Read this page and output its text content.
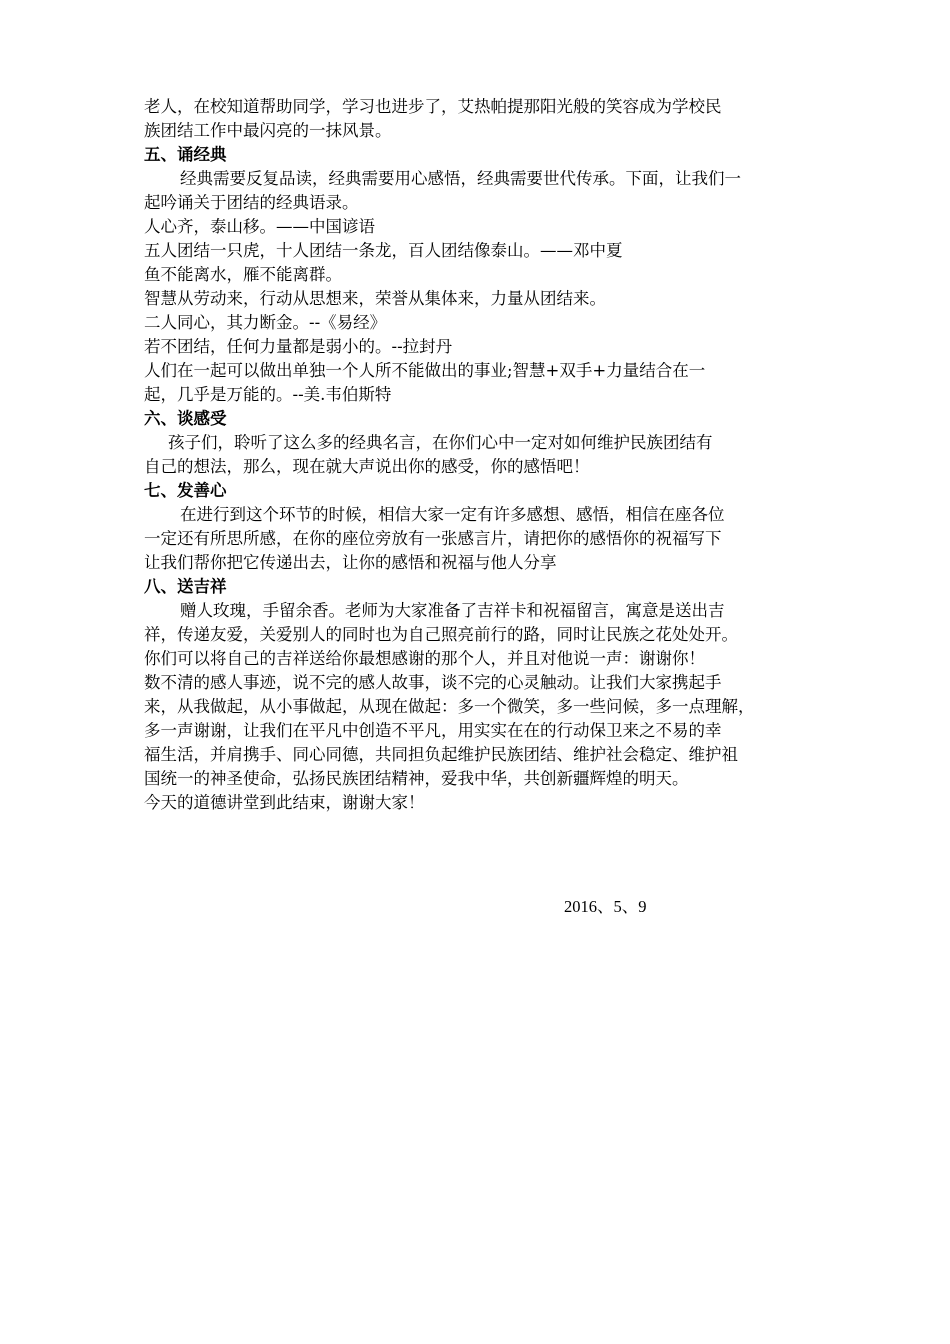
老人，在校知道帮助同学，学习也进步了，艾热帕提那阳光般的笑容成为学校民
族团结工作中最闪亮的一抹风景。
五、诵经典
经典需要反复品读，经典需要用心感悟，经典需要世代传承。下面，让我们一
起吟诵关于团结的经典语录。
人心齐，泰山移。——中国谚语
五人团结一只虎，十人团结一条龙，百人团结像泰山。——邓中夏
鱼不能离水，雁不能离群。
智慧从劳动来，行动从思想来，荣誉从集体来，力量从团结来。
二人同心，其力断金。--《易经》
若不团结，任何力量都是弱小的。--拉封丹
人们在一起可以做出单独一个人所不能做出的事业;智慧+双手+力量结合在一
起，几乎是万能的。--美.韦伯斯特
六、谈感受
孩子们，聆听了这么多的经典名言，在你们心中一定对如何维护民族团结有
自己的想法，那么，现在就大声说出你的感受，你的感悟吧！
七、发善心
在进行到这个环节的时候，相信大家一定有许多感想、感悟，相信在座各位
一定还有所思所感，在你的座位旁放有一张感言片，请把你的感悟你的祝福写下
让我们帮你把它传递出去，让你的感悟和祝福与他人分享
八、送吉祥
赠人玫瑰，手留余香。老师为大家准备了吉祥卡和祝福留言，寓意是送出吉
祥，传递友爱，关爱别人的同时也为自己照亮前行的路，同时让民族之花处处开。
你们可以将自己的吉祥送给你最想感谢的那个人，并且对他说一声：谢谢你！
数不清的感人事迹，说不完的感人故事，谈不完的心灵触动。让我们大家携起手
来，从我做起，从小事做起，从现在做起：多一个微笑，多一些问候，多一点理解，
多一声谢谢，让我们在平凡中创造不平凡，用实实在在的行动保卫来之不易的幸
福生活，并肩携手、同心同德，共同担负起维护民族团结、维护社会稳定、维护祖
国统一的神圣使命，弘扬民族团结精神，爱我中华，共创新疆辉煌的明天。
今天的道德讲堂到此结束，谢谢大家！
2016、5、9
